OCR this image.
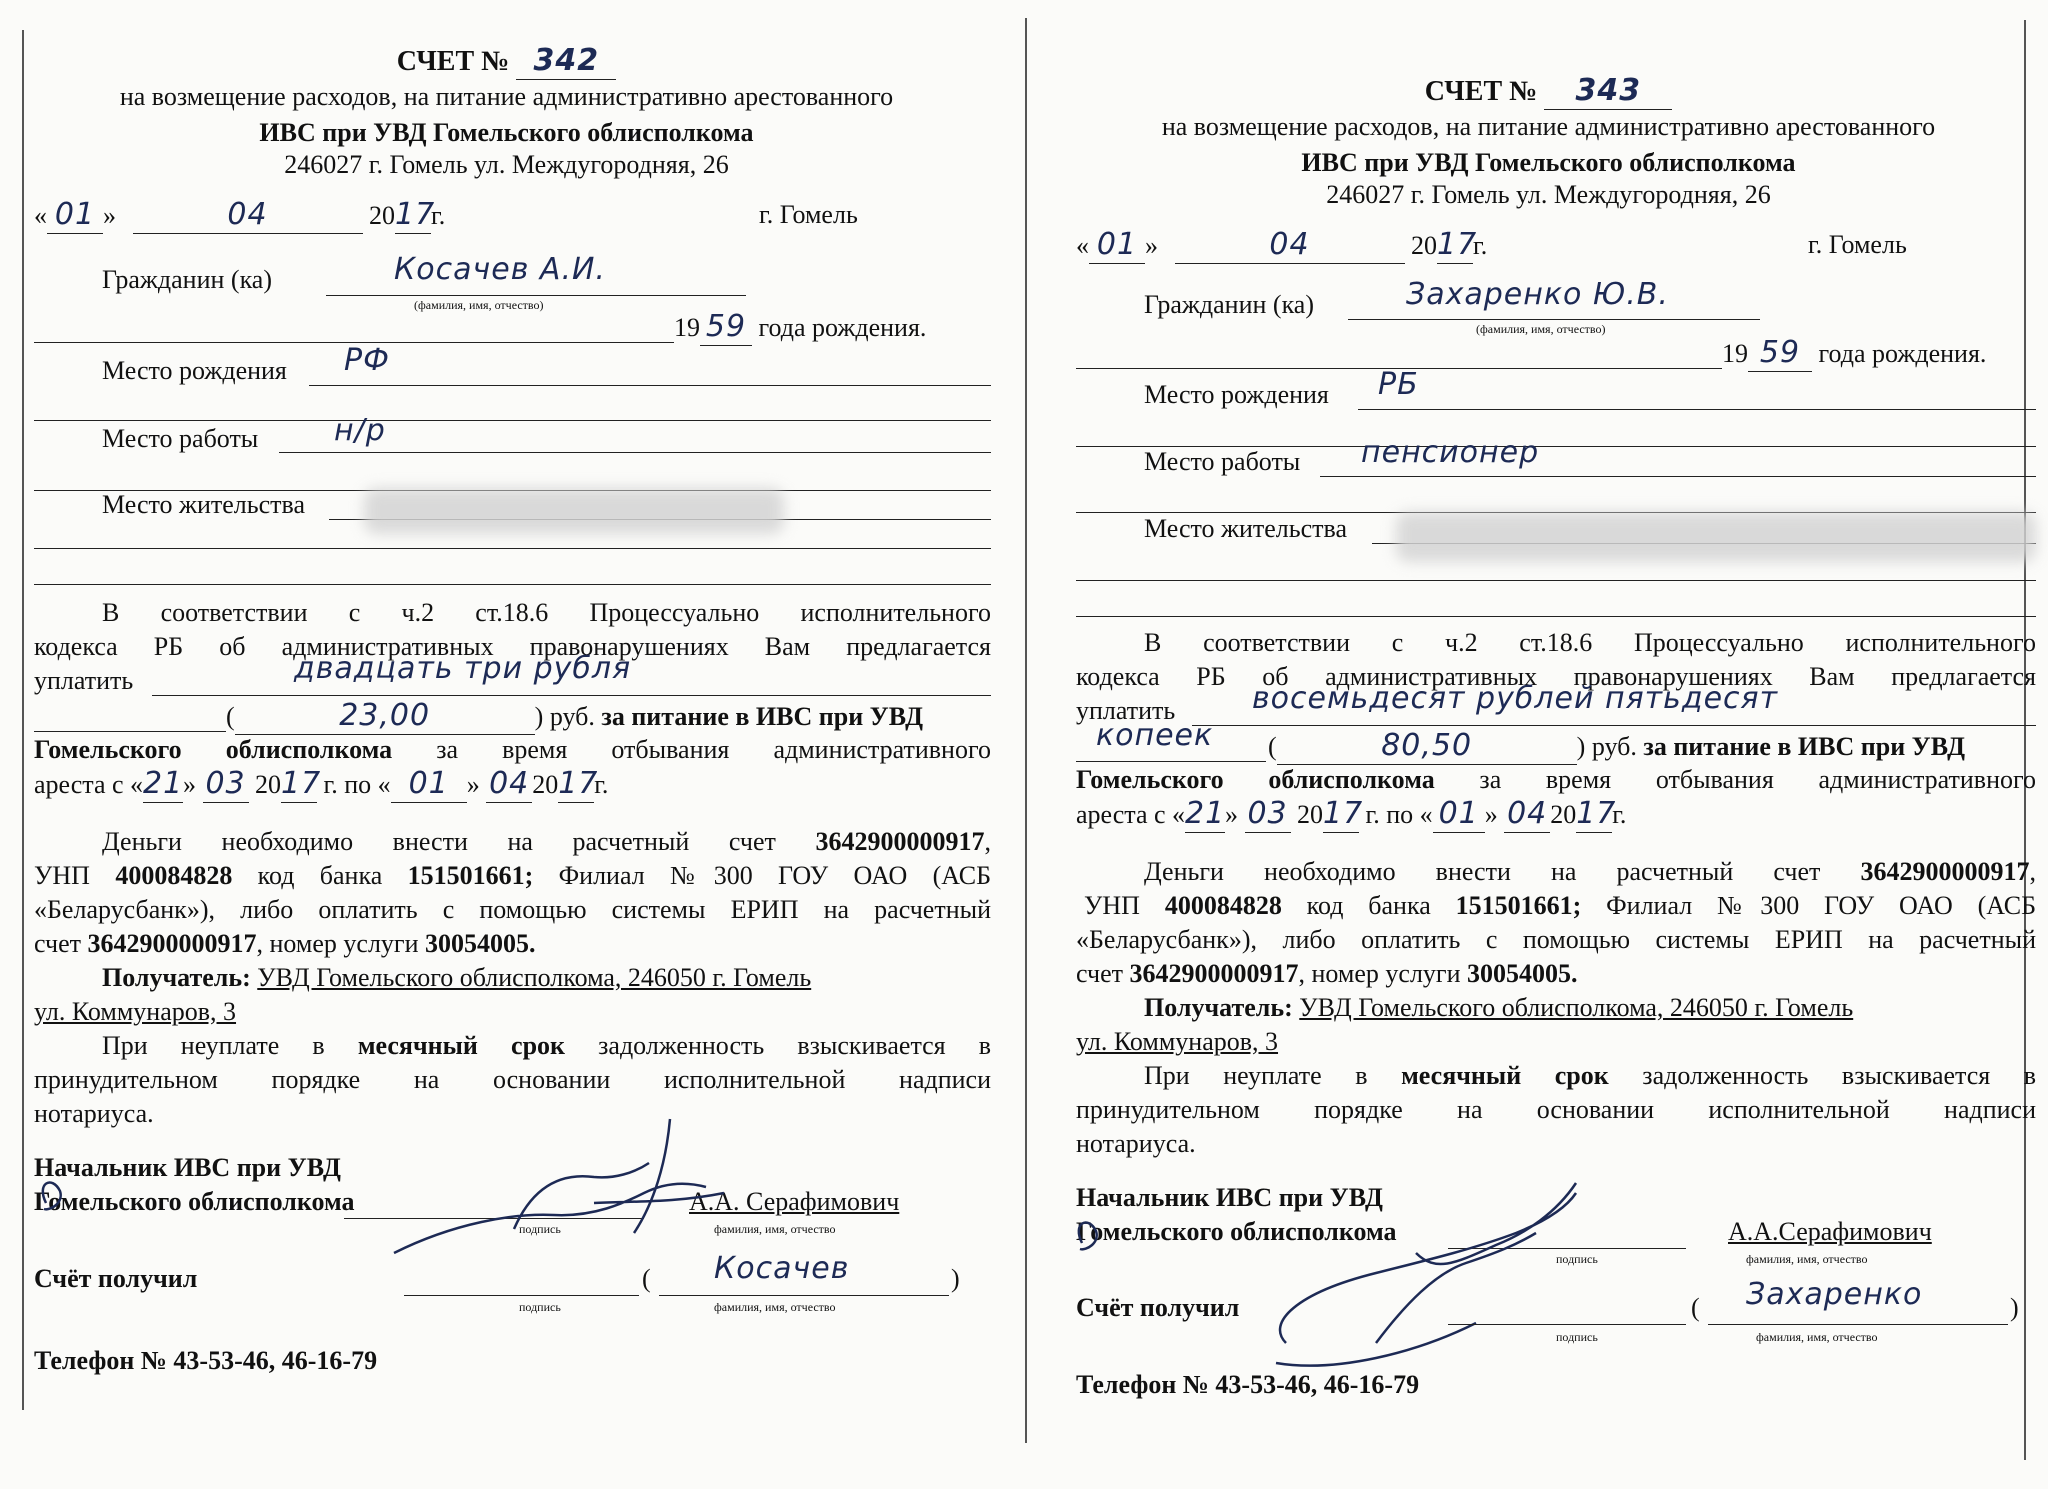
СЧЕТ № 342
на возмещение расходов, на питание административно арестованного
ИВС при УВД Гомельского облисполкома
246027 г. Гомель ул. Междугородняя, 26
« 01 »	04	2017г.	г. Гомель
Гражданин (ка)	Косачев А.И.
(фамилия, имя, отчество)
19 59 года рождения.
Место рождения РФ
Место работы	н/р
Место жительства
В соответствии с ч.2 ст.18.6 Процессуально исполнительного
кодекса РБ об административных правонарушениях Вам предлагается
уплатить	двадцать три рубля
(	23,00	) руб. за питание в ИВС при УВД
Гомельского облисполкома за время отбывания административного
ареста с «21» 03 2017 г. по « 01 » 04 2017г.
Деньги необходимо внести на расчетный счет 3642900000917,
УНП 400084828 код банка 151501661; Филиал №300 ГОУ ОАО (АСБ
«Беларусбанк»), либо оплатить с помощью системы ЕРИП на расчетный
счет 3642900000917, номер услуги 30054005.
Получатель: УВД Гомельского облисполкома, 246050 г. Гомель
ул. Коммунаров, 3
При неуплате в месячный срок задолженность взыскивается в
принудительном порядке на основании исполнительной надписи
нотариуса.
Начальник ИВС при УВД
Гомельского облисполкома
подпись
А.А. Серафимович
фамилия, имя, отчество
Счёт получил
подпись
( Косачев	)
фамилия, имя, отчество
Телефон № 43-53-46, 46-16-79
СЧЕТ № 343
на возмещение расходов, на питание административно арестованного
ИВС при УВД Гомельского облисполкома
246027 г. Гомель ул. Междугородняя, 26
« 01 »	04	2017г.	г. Гомель
Гражданин (ка)	Захаренко Ю.В.
(фамилия, имя, отчество)
19 59 года рождения.
Место рождения РБ
Место работы пенсионер
Место жительства
В соответствии с ч.2 ст.18.6 Процессуально исполнительного
кодекса РБ об административных правонарушениях Вам предлагается
уплатить	восемьдесят рублей пятьдесят
копеек (	80,50	) руб. за питание в ИВС при УВД
Гомельского облисполкома за время отбывания административного
ареста с «21» 03 2017 г. по « 01 » 04 2017г.
Деньги необходимо внести на расчетный счет 3642900000917,
УНП 400084828 код банка 151501661; Филиал №300 ГОУ ОАО (АСБ
«Беларусбанк»), либо оплатить с помощью системы ЕРИП на расчетный
счет 3642900000917, номер услуги 30054005.
Получатель: УВД Гомельского облисполкома, 246050 г. Гомель
ул. Коммунаров, 3
При неуплате в месячный срок задолженность взыскивается в
принудительном порядке на основании исполнительной надписи
нотариуса.
Начальник ИВС при УВД
Гомельского облисполкома
подпись
А.А.Серафимович
фамилия, имя, отчество
Счёт получил
подпись
( Захаренко	)
фамилия, имя, отчество
Телефон № 43-53-46, 46-16-79
